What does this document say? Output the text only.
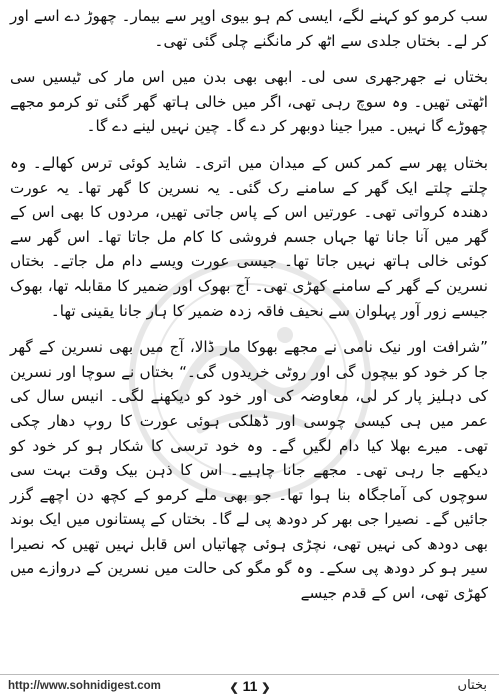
سب کرمو کو کہنے لگے، ایسی کم ہو بیوی اوپر سے بیمار۔ چھوڑ دے اسے اور کر لے۔ بختاں جلدی سے اٹھ کر مانگنے چلی گئی تھی۔

بختاں نے جھرجھری سی لی۔ ابھی بھی بدن میں اس مار کی ٹیسیں سی اٹھتی تھیں۔ وہ سوچ رہی تھی، اگر میں خالی ہاتھ گھر گئی تو کرمو مجھے چھوڑے گا نہیں۔ میرا جینا دوبھر کر دے گا۔ چین نہیں لینے دے گا۔

بختاں پھر سے کمر کس کے میدان میں اتری۔ شاید کوئی ترس کھالے۔ وہ چلتے چلتے ایک گھر کے سامنے رک گئی۔ یہ نسرین کا گھر تھا۔ یہ عورت دھندہ کرواتی تھی۔ عورتیں اس کے پاس جاتی تھیں، مردوں کا بھی اس کے گھر میں آنا جانا تھا جہاں جسم فروشی کا کام مل جاتا تھا۔ اس گھر سے کوئی خالی ہاتھ نہیں جاتا تھا۔ جیسی عورت ویسے دام مل جاتے۔ بختاں نسرین کے گھر کے سامنے کھڑی تھی۔ آج بھوک اور ضمیر کا مقابلہ تھا، بھوک جیسے زور آور پہلوان سے نحیف فاقہ زدہ ضمیر کا ہار جانا یقینی تھا۔

”شرافت اور نیک نامی نے مجھے بھوکا مار ڈالا، آج میں بھی نسرین کے گھر جا کر خود کو بیچوں گی اور روٹی خریدوں گی۔“ بختاں نے سوچا اور نسرین کی دہلیز پار کر لی، معاوضہ کی اور خود کو دیکھنے لگی۔ انیس سال کی عمر میں ہی کیسی چوسی اور ڈھلکی ہوئی عورت کا روپ دھار چکی تھی۔ میرے بھلا کیا دام لگیں گے۔ وہ خود ترسی کا شکار ہو کر خود کو دیکھے جا رہی تھی۔ مجھے جانا چاہیے۔ اس کا ذہن بیک وقت بہت سی سوچوں کی آماجگاہ بنا ہوا تھا۔ جو بھی ملے کرمو کے کچھ دن اچھے گزر جائیں گے۔ نصیرا جی بھر کر دودھ پی لے گا۔ بختاں کے پستانوں میں ایک بوند بھی دودھ کی نہیں تھی، نچڑی ہوئی چھاتیاں اس قابل نہیں تھیں کہ نصیرا سیر ہو کر دودھ پی سکے۔ وہ گو مگو کی حالت میں نسرین کے دروازے میں کھڑی تھی، اس کے قدم جیسے

http://www.sohnidigest.com	❮ 11 ❯	بختاں
